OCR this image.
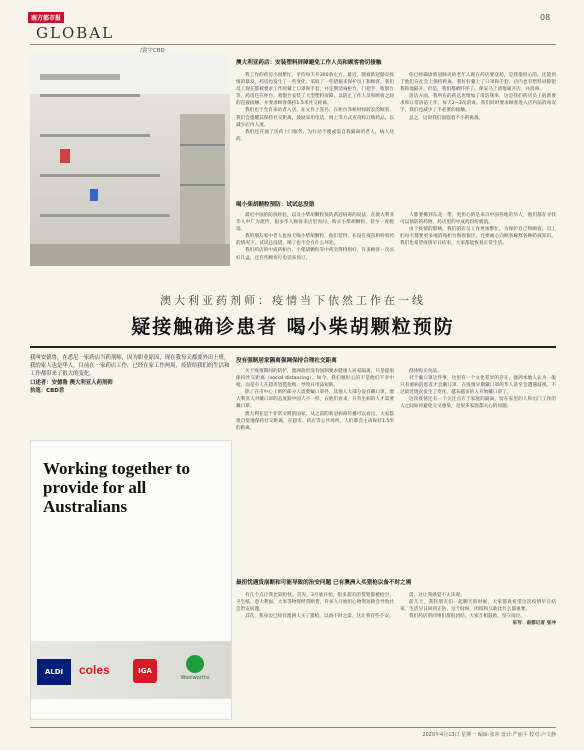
南方都市报
GLOBAL
/寰宇CBD
08
澳大利亚药店：安装塑料屏障避免工作人员和顾客密切接触

我工作的药房小而繁忙，平均每天开300条左方，最近，随着新冠肺炎疫情的暴发，药房也发生了一些变化，采取了一些措施来保护员工和顾客。我们员工现在都被要求工作时戴上口罩和手套，并定期消毒柜台、门把手、收银台等，药房还在柜台、收银台安装了大型塑料屏障，以防止工作人员和顾客之间的直接接触，并要求顾客保持1.5米社交距离。

我们也不允许来访者入店，在文件上签名、在柜台等候时间较长的顾客，我们会提醒其保持社交距离，鼓励采用电话、网上等方式查询和订购药品，以减少店内人流。

我们还开通了送药上门服务，为行动不便或需自我隔离的老人、病人送药。

你已经确诊新冠肺炎的老年人现在药店要登药，是我很担心的，还能到了他们在社会上保持距离，我好好戴上了口罩和手套，店内也有塑料屏障把我和他隔开，但是，我们都被吓坏了，保安马上请他离开店，并消毒。

清洁方面，我所在的药店也增加了清洁频率，这是我们药店员工的新要求和日常清洁工作，每天2~3次消毒。我们同时要求顾客进入店内前消毒双手，我们也减少了不必要的接触。

总之，这时我们面临着不小的挑战。

喝小柴胡颗粒预防：试试总没错

最近中国的防疫经验，以及小柴胡颗粒预防新冠病毒的说法，在澳大利亚华人中广为流传，很多华人顾客来店里询问、购买小柴胡颗粒，甚至一度脱销。

我的朋友家中老人也每天喝小柴胡颗粒，他们觉得，在没有疫苗和特效药的情况下，试试总没错，喝了也不会有什么坏处。

我们药店的中成药柜台，小柴胡颗粒等中药卖得特别好，许多顾客一次买好几盒，还有些顾客打电话来预订。

人都要挪到东北一带，更担心的是来自中国各地的华人，他们都在寻找可以预防的药物，药店里的中成药纷纷脱销。

由于疫情的影响，我们的店员工作更加繁忙，为保护自己和顾客，员工们每天都要更多地消毒柜台和收银区，还要耐心向顾客解释各种防疫知识，我们也希望疫情早日结束，大家都能恢复正常生活。

澳大利亚药剂师：疫情当下依然工作在一线
疑接触确诊患者 喝小柴胡颗粒预防
我叫安德鲁，在悉尼一家药店当药剂师，因为职业原因，现在我每天都要外出上班，我的家人也是华人，目前在一家药店工作，已经在家工作两周，疫情给我们的生活和工作都带来了很大的变化。
口述者：安德鲁 澳大利亚人药剂师
执笔：CBD君
Working together to provide for all Australians
ALDI	coles	IGA
Woolworths
没有强制居家隔离强调保持合理社交距离

关于疫情期间的防护，澳洲政府没有强制要求健康人居家隔离，只是提倡保持社交距离（social distancing）。如今，我们很担心的不是他们不幸中枪，而是有人在超市恐慌抢购，导致日用品短缺。

除了在市中心上班的部分人需要戴口罩外，其他人大部分没有戴口罩，澳大利亚人对戴口罩的态度跟中国人不一样，在他们看来，只有生病的人才需要戴口罩。

澳大利亚是个非常文明的国家，从之前的新冠病毒传播可以看出，大家都很自觉地保持社交距离，在超市、药店等公共场所，人们都会主动保持1.5米的距离。

群体购买食品。

对于戴口罩这件事，这里有一个文化差异的存在，澳洲本地人认为一般只有重病的患者才会戴口罩，在疫情早期戴口罩的华人甚至会遭遇歧视。不过最近情况发生了变化，越来越多的人开始戴口罩了。

这次疫情还有一个关注点在于家庭的隔离，留在家里的人和出门工作的人之间如何避免交叉感染，是很多家庭都关心的问题。

最担忧遇货崩断和可能导致的治安问题 已有澳洲人买猎枪以备不时之需

有几个点让我比较担忧。首先，3月底开始，很多超市的货架都被抢空，卫生纸、意大利面、大米等物资经常断货，许多人开始担心物资短缺会导致社会治安问题。

其次，我身边已经有澳洲人买了猎枪，以备不时之需，这让我有些不安。

需，这让我感觉不太乐观。

前几天，我和朋友们一起聊天的时候，大家都说希望这次疫情早日结束，生活早日回到正轨，这个时候，团结和互助比什么都重要。

我们药店的同事们都很团结，大家互相鼓励，坚守岗位。

采写：南都记者 张冲

2020年4月13日 星期一 编辑:张冲 设计:严丽平 校对:卢文静
